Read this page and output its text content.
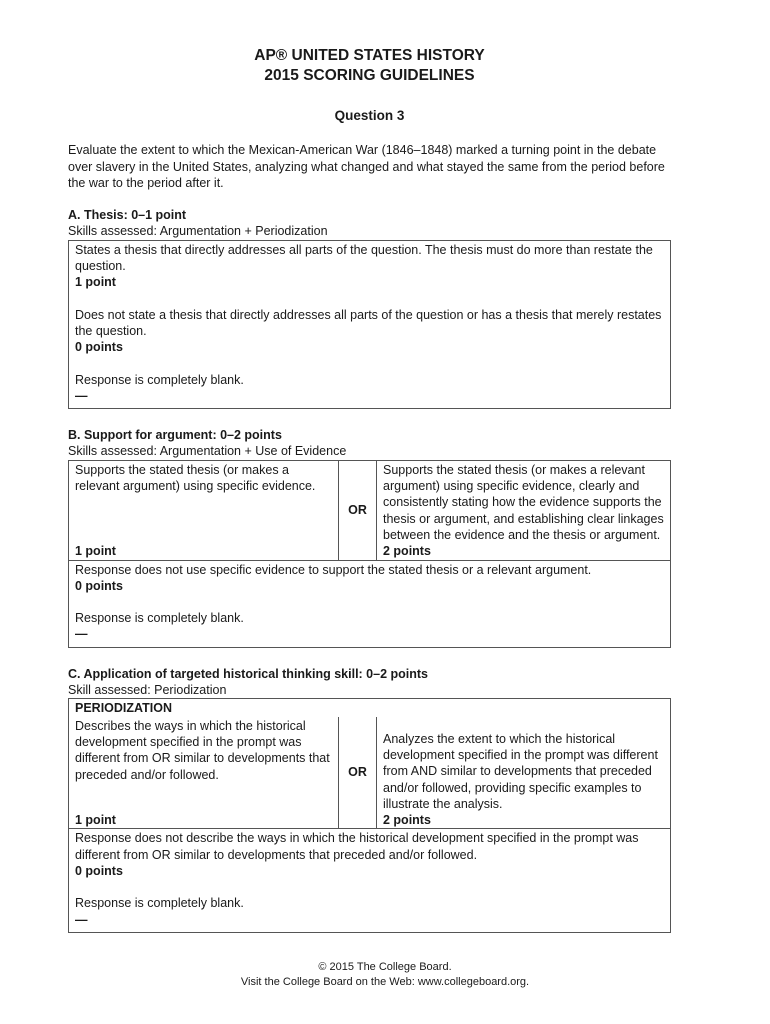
AP® UNITED STATES HISTORY
2015 SCORING GUIDELINES
Question 3
Evaluate the extent to which the Mexican-American War (1846–1848) marked a turning point in the debate over slavery in the United States, analyzing what changed and what stayed the same from the period before the war to the period after it.
A. Thesis: 0–1 point
Skills assessed: Argumentation + Periodization
States a thesis that directly addresses all parts of the question. The thesis must do more than restate the question.
1 point
Does not state a thesis that directly addresses all parts of the question or has a thesis that merely restates the question.
0 points
Response is completely blank.
—
B. Support for argument: 0–2 points
Skills assessed: Argumentation + Use of Evidence
Supports the stated thesis (or makes a relevant argument) using specific evidence.
1 point
OR
Supports the stated thesis (or makes a relevant argument) using specific evidence, clearly and consistently stating how the evidence supports the thesis or argument, and establishing clear linkages between the evidence and the thesis or argument.
2 points
Response does not use specific evidence to support the stated thesis or a relevant argument.
0 points
Response is completely blank.
—
C. Application of targeted historical thinking skill: 0–2 points
Skill assessed: Periodization
PERIODIZATION
Describes the ways in which the historical development specified in the prompt was different from OR similar to developments that preceded and/or followed.
1 point
OR
Analyzes the extent to which the historical development specified in the prompt was different from AND similar to developments that preceded and/or followed, providing specific examples to illustrate the analysis.
2 points
Response does not describe the ways in which the historical development specified in the prompt was different from OR similar to developments that preceded and/or followed.
0 points
Response is completely blank.
—
© 2015 The College Board.
Visit the College Board on the Web: www.collegeboard.org.
